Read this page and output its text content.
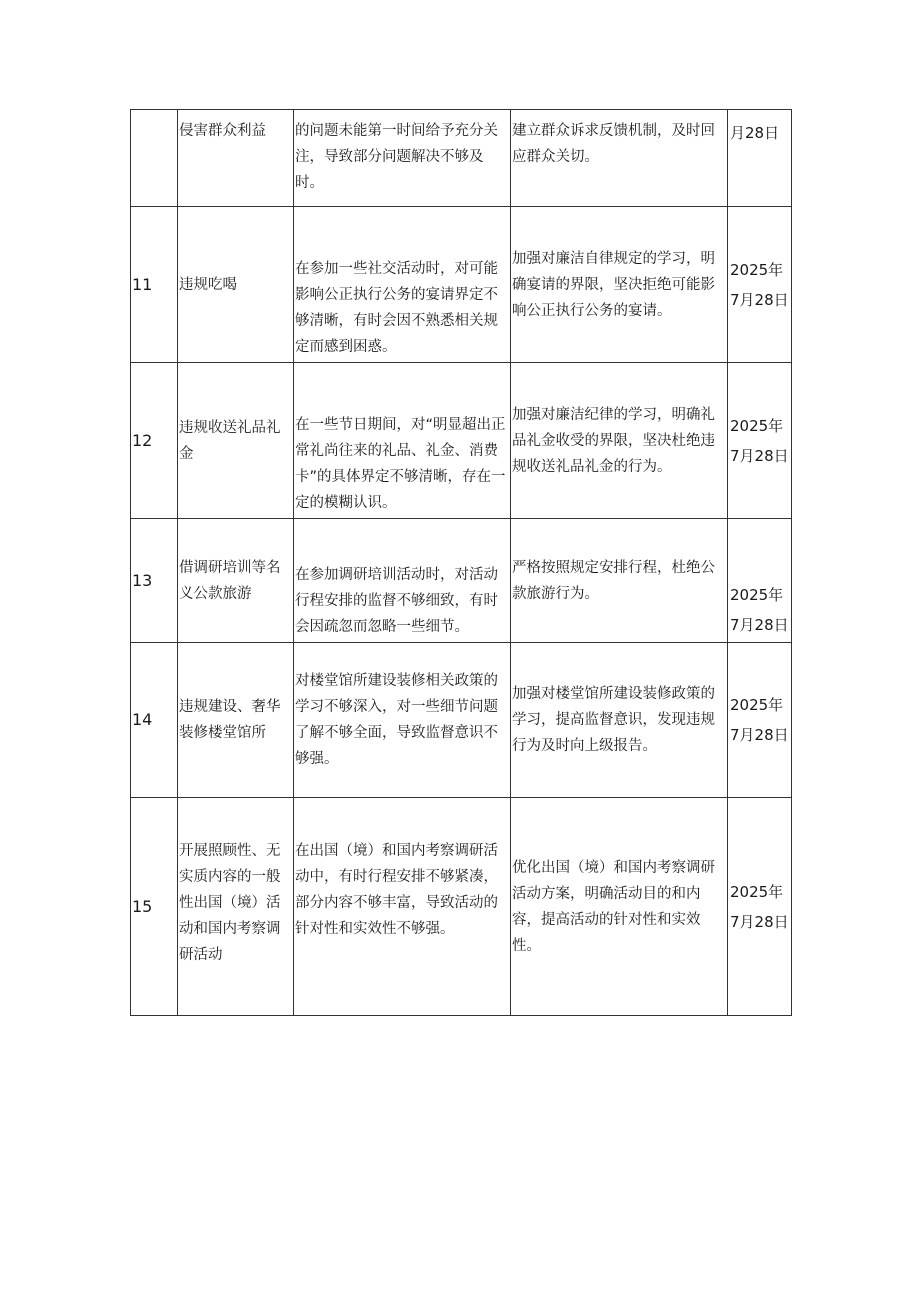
	侵害群众利益	的问题未能第一时间给予充分关注，导致部分问题解决不够及时。	建立群众诉求反馈机制，及时回应群众关切。	月28日
11	违规吃喝	在参加一些社交活动时，对可能影响公正执行公务的宴请界定不够清晰，有时会因不熟悉相关规定而感到困惑。	加强对廉洁自律规定的学习，明确宴请的界限，坚决拒绝可能影响公正执行公务的宴请。	2025年7月28日
12	违规收送礼品礼金	在一些节日期间，对“明显超出正常礼尚往来的礼品、礼金、消费卡”的具体界定不够清晰，存在一定的模糊认识。	加强对廉洁纪律的学习，明确礼品礼金收受的界限，坚决杜绝违规收送礼品礼金的行为。	2025年7月28日
13	借调研培训等名义公款旅游	在参加调研培训活动时，对活动行程安排的监督不够细致，有时会因疏忽而忽略一些细节。	严格按照规定安排行程，杜绝公款旅游行为。	2025年7月28日
14	违规建设、奢华装修楼堂馆所	对楼堂馆所建设装修相关政策的学习不够深入，对一些细节问题了解不够全面，导致监督意识不够强。	加强对楼堂馆所建设装修政策的学习，提高监督意识，发现违规行为及时向上级报告。	2025年7月28日
15	开展照顾性、无实质内容的一般性出国（境）活动和国内考察调研活动	在出国（境）和国内考察调研活动中，有时行程安排不够紧凑，部分内容不够丰富，导致活动的针对性和实效性不够强。	优化出国（境）和国内考察调研活动方案，明确活动目的和内容，提高活动的针对性和实效性。	2025年7月28日
